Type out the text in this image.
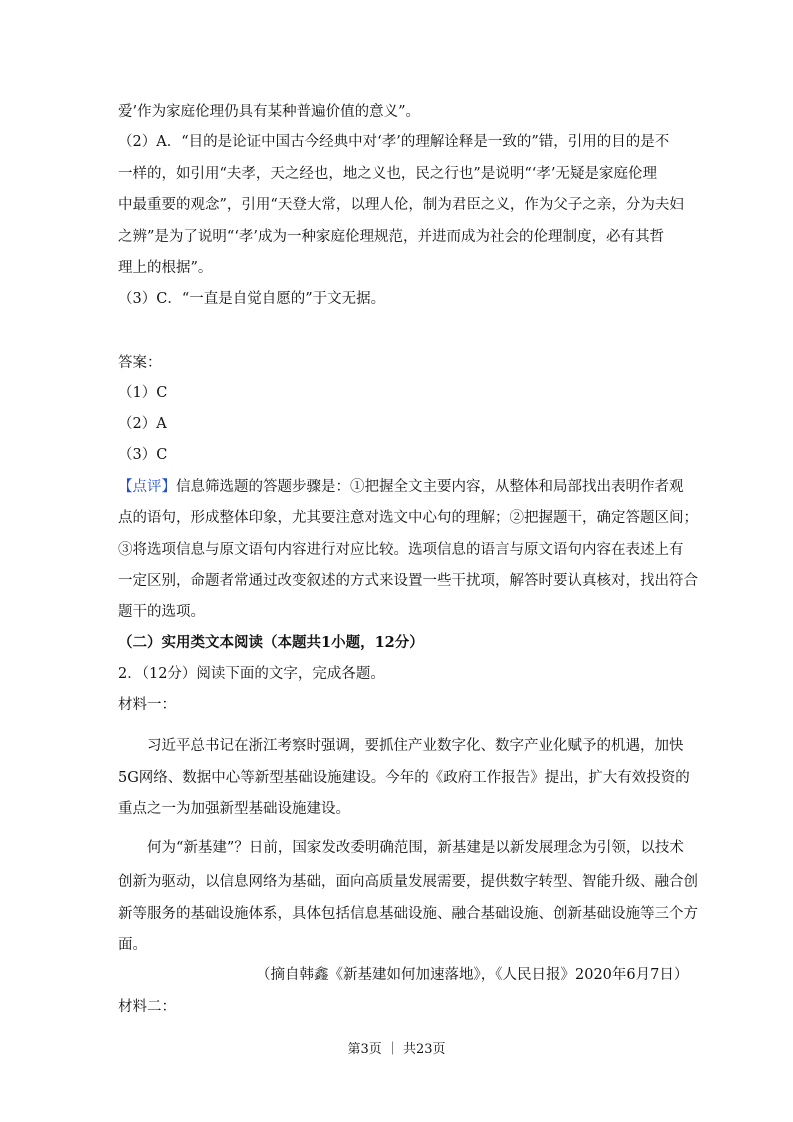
爱’作为家庭伦理仍具有某种普遍价值的意义”。
（2）A．“目的是论证中国古今经典中对‘孝’的理解诠释是一致的”错，引用的目的是不
一样的，如引用“夫孝，天之经也，地之义也，民之行也”是说明“‘孝’无疑是家庭伦理
中最重要的观念”，引用“天登大常，以理人伦，制为君臣之义，作为父子之亲，分为夫妇
之辨”是为了说明“‘孝’成为一种家庭伦理规范，并进而成为社会的伦理制度，必有其哲
理上的根据”。
（3）C．“一直是自觉自愿的”于文无据。
答案：
（1）C
（2）A
（3）C
【点评】信息筛选题的答题步骤是：①把握全文主要内容，从整体和局部找出表明作者观
点的语句，形成整体印象，尤其要注意对选文中心句的理解；②把握题干，确定答题区间；
③将选项信息与原文语句内容进行对应比较。选项信息的语言与原文语句内容在表述上有
一定区别，命题者常通过改变叙述的方式来设置一些干扰项，解答时要认真核对，找出符合
题干的选项。
（二）实用类文本阅读（本题共1小题，12分）
2．（12分）阅读下面的文字，完成各题。
材料一：
习近平总书记在浙江考察时强调，要抓住产业数字化、数字产业化赋予的机遇，加快
5G网络、数据中心等新型基础设施建设。今年的《政府工作报告》提出，扩大有效投资的
重点之一为加强新型基础设施建设。
何为“新基建”？日前，国家发改委明确范围，新基建是以新发展理念为引领，以技术
创新为驱动，以信息网络为基础，面向高质量发展需要，提供数字转型、智能升级、融合创
新等服务的基础设施体系，具体包括信息基础设施、融合基础设施、创新基础设施等三个方
面。
（摘自韩鑫《新基建如何加速落地》，《人民日报》2020年6月7日）
材料二：
第3页 ｜ 共23页
